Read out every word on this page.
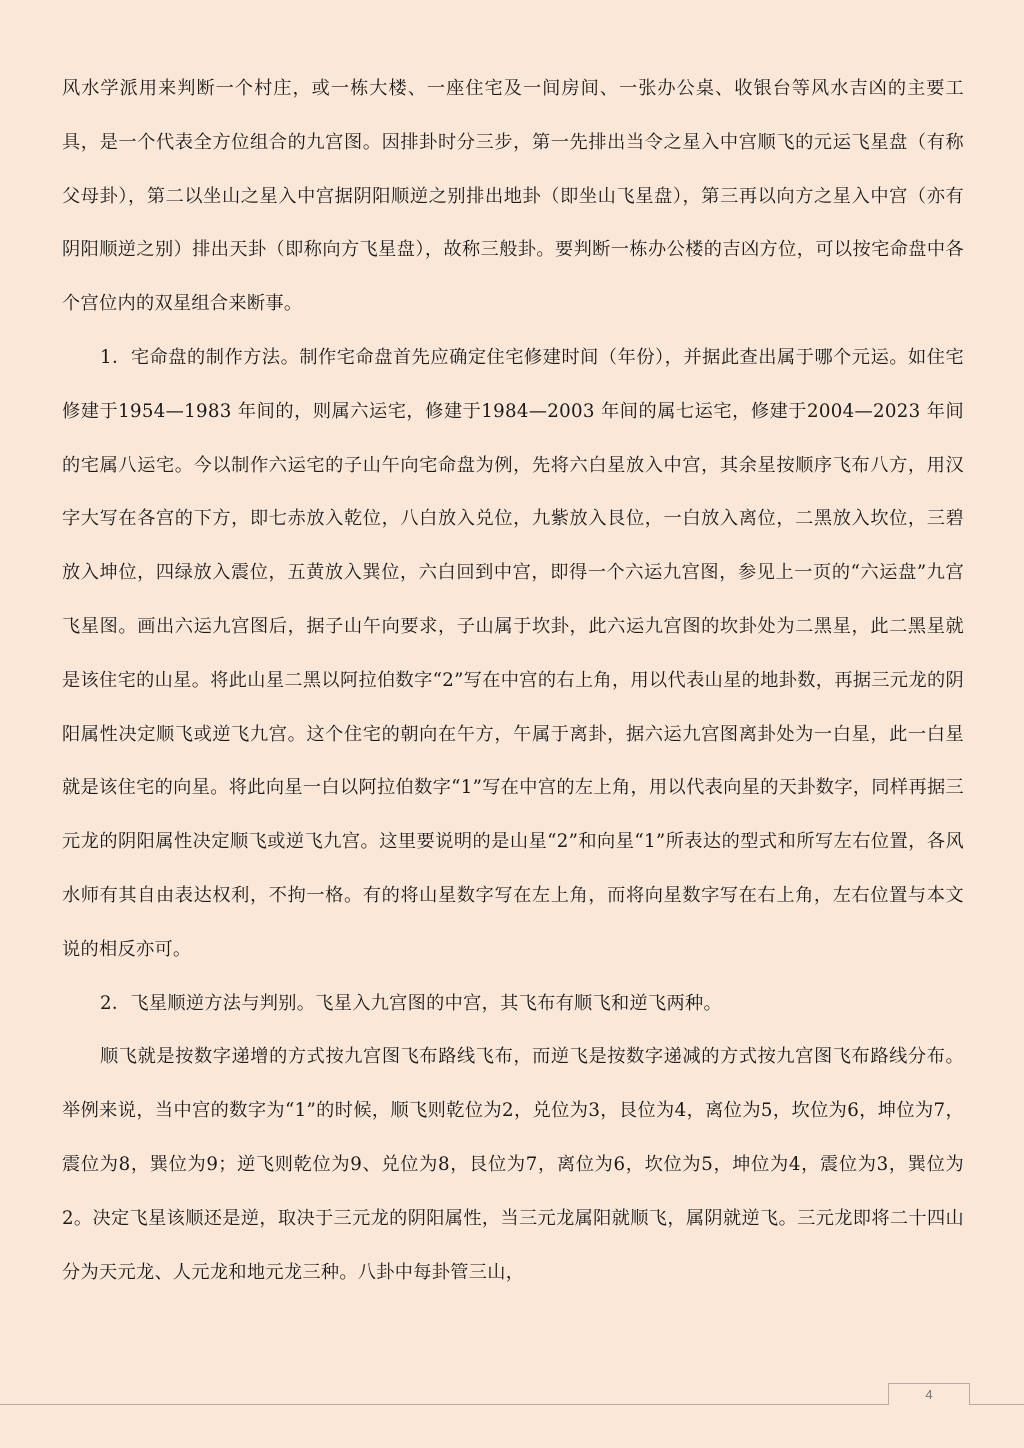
风水学派用来判断一个村庄，或一栋大楼、一座住宅及一间房间、一张办公桌、收银台等风水吉凶的主要工具，是一个代表全方位组合的九宫图。因排卦时分三步，第一先排出当令之星入中宫顺飞的元运飞星盘（有称父母卦），第二以坐山之星入中宫据阴阳顺逆之别排出地卦（即坐山飞星盘），第三再以向方之星入中宫（亦有阴阳顺逆之别）排出天卦（即称向方飞星盘），故称三般卦。要判断一栋办公楼的吉凶方位，可以按宅命盘中各个宫位内的双星组合来断事。

1．宅命盘的制作方法。制作宅命盘首先应确定住宅修建时间（年份），并据此查出属于哪个元运。如住宅修建于1954—1983 年间的，则属六运宅，修建于1984—2003 年间的属七运宅，修建于2004—2023 年间的宅属八运宅。今以制作六运宅的子山午向宅命盘为例，先将六白星放入中宫，其余星按顺序飞布八方，用汉字大写在各宫的下方，即七赤放入乾位，八白放入兑位，九紫放入艮位，一白放入离位，二黑放入坎位，三碧放入坤位，四绿放入震位，五黄放入巽位，六白回到中宫，即得一个六运九宫图，参见上一页的“六运盘”九宫飞星图。画出六运九宫图后，据子山午向要求，子山属于坎卦，此六运九宫图的坎卦处为二黑星，此二黑星就是该住宅的山星。将此山星二黑以阿拉伯数字“2”写在中宫的右上角，用以代表山星的地卦数，再据三元龙的阴阳属性决定顺飞或逆飞九宫。这个住宅的朝向在午方，午属于离卦，据六运九宫图离卦处为一白星，此一白星就是该住宅的向星。将此向星一白以阿拉伯数字“1”写在中宫的左上角，用以代表向星的天卦数字，同样再据三元龙的阴阳属性决定顺飞或逆飞九宫。这里要说明的是山星“2”和向星“1”所表达的型式和所写左右位置，各风水师有其自由表达权利，不拘一格。有的将山星数字写在左上角，而将向星数字写在右上角，左右位置与本文说的相反亦可。

2．飞星顺逆方法与判别。飞星入九宫图的中宫，其飞布有顺飞和逆飞两种。

顺飞就是按数字递增的方式按九宫图飞布路线飞布，而逆飞是按数字递减的方式按九宫图飞布路线分布。举例来说，当中宫的数字为“1”的时候，顺飞则乾位为2，兑位为3，艮位为4，离位为5，坎位为6，坤位为7，震位为8，巽位为9；逆飞则乾位为9、兑位为8，艮位为7，离位为6，坎位为5，坤位为4，震位为3，巽位为2。决定飞星该顺还是逆，取决于三元龙的阴阳属性，当三元龙属阳就顺飞，属阴就逆飞。三元龙即将二十四山分为天元龙、人元龙和地元龙三种。八卦中每卦管三山，

4
